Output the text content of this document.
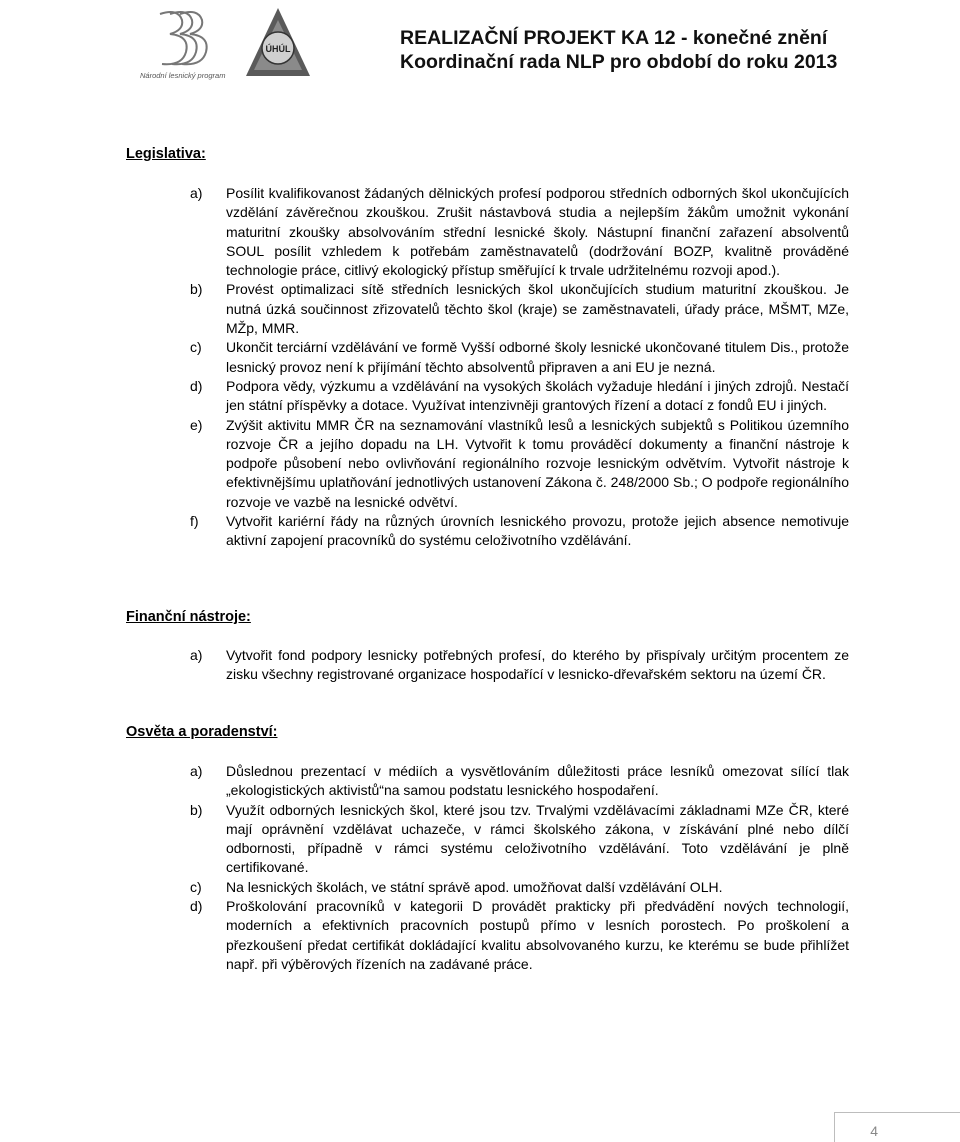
Národní lesnický program
ÚHÚL	REALIZAČNÍ PROJEKT KA 12 - konečné znění
Koordinační rada NLP pro období do roku 2013
Legislativa:
a) Posílit kvalifikovanost žádaných dělnických profesí podporou středních odborných škol ukončujících vzdělání závěrečnou zkouškou. Zrušit nástavbová studia a nejlepším žákům umožnit vykonání maturitní zkoušky absolvováním střední lesnické školy. Nástupní finanční zařazení absolventů SOUL posílit vzhledem k potřebám zaměstnavatelů (dodržování BOZP, kvalitně prováděné technologie práce, citlivý ekologický přístup směřující k trvale udržitelnému rozvoji apod.).
b) Provést optimalizaci sítě středních lesnických škol ukončujících studium maturitní zkouškou. Je nutná úzká součinnost zřizovatelů těchto škol (kraje) se zaměstnavateli, úřady práce, MŠMT, MZe, MŽp, MMR.
c) Ukončit terciární vzdělávání ve formě Vyšší odborné školy lesnické ukončované titulem Dis., protože lesnický provoz není k přijímání těchto absolventů připraven a ani EU je nezná.
d) Podpora vědy, výzkumu a vzdělávání na vysokých školách vyžaduje hledání i jiných zdrojů. Nestačí jen státní příspěvky a dotace. Využívat intenzivněji grantových řízení a dotací z fondů EU i jiných.
e) Zvýšit aktivitu MMR ČR na seznamování vlastníků lesů a lesnických subjektů s Politikou územního rozvoje ČR a jejího dopadu na LH. Vytvořit k tomu prováděcí dokumenty a finanční nástroje k podpoře působení nebo ovlivňování regionálního rozvoje lesnickým odvětvím. Vytvořit nástroje k efektivnějšímu uplatňování jednotlivých ustanovení Zákona č. 248/2000 Sb.; O podpoře regionálního rozvoje ve vazbě na lesnické odvětví.
f) Vytvořit kariérní řády na různých úrovních lesnického provozu, protože jejich absence nemotivuje aktivní zapojení pracovníků do systému celoživotního vzdělávání.
Finanční nástroje:
a) Vytvořit fond podpory lesnicky potřebných profesí, do kterého by přispívaly určitým procentem ze zisku všechny registrované organizace hospodařící v lesnicko-dřevařském sektoru na území ČR.
Osvěta a poradenství:
a) Důslednou prezentací v médiích a vysvětlováním důležitosti práce lesníků omezovat sílící tlak „ekologistických aktivistů“na samou podstatu lesnického hospodaření.
b) Využít odborných lesnických škol, které jsou tzv. Trvalými vzdělávacími základnami MZe ČR, které mají oprávnění vzdělávat uchazeče, v rámci školského zákona, v získávání plné nebo dílčí odbornosti, případně v rámci systému celoživotního vzdělávání. Toto vzdělávání je plně certifikované.
c) Na lesnických školách, ve státní správě apod. umožňovat další vzdělávání OLH.
d) Proškolování pracovníků v kategorii D provádět prakticky při předvádění nových technologií, moderních a efektivních pracovních postupů přímo v lesních porostech. Po proškolení a přezkoušení předat certifikát dokládající kvalitu absolvovaného kurzu, ke kterému se bude přihlížet např. při výběrových řízeních na zadávané práce.
4
